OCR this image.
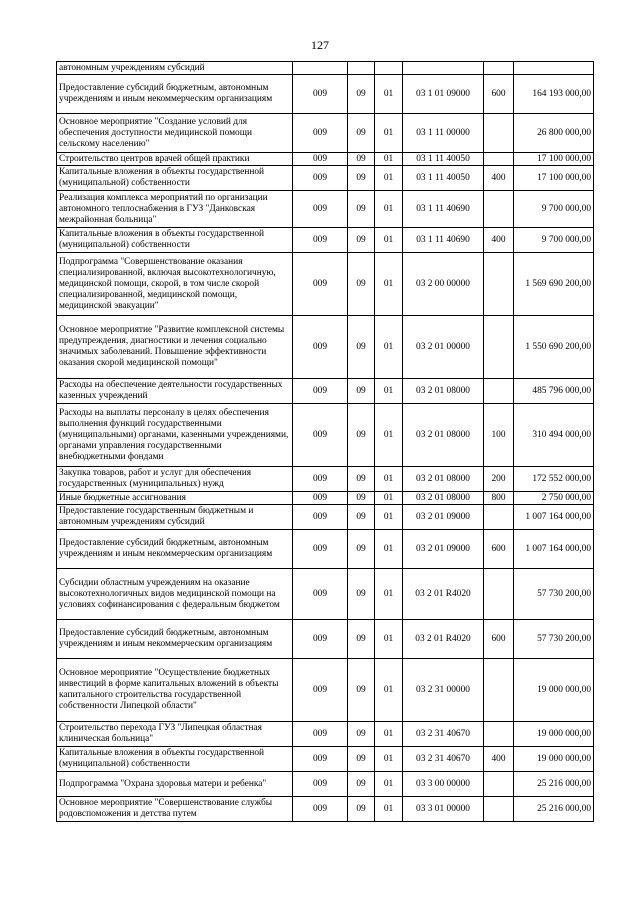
127
автономным учреждениям субсидий						
Предоставление субсидий бюджетным, автономным учреждениям и иным некоммерческим организациям	009	09	01	03 1 01 09000	600	164 193 000,00
Основное мероприятие "Создание условий для обеспечения доступности медицинской помощи сельскому населению"	009	09	01	03 1 11 00000		26 800 000,00
Строительство центров врачей общей практики	009	09	01	03 1 11 40050		17 100 000,00
Капитальные вложения в объекты государственной (муниципальной) собственности	009	09	01	03 1 11 40050	400	17 100 000,00
Реализация комплекса мероприятий по организации автономного теплоснабжения в ГУЗ "Данковская межрайонная больница"	009	09	01	03 1 11 40690		9 700 000,00
Капитальные вложения в объекты государственной (муниципальной) собственности	009	09	01	03 1 11 40690	400	9 700 000,00
Подпрограмма "Совершенствование оказания специализированной, включая высокотехнологичную, медицинской помощи, скорой, в том числе скорой специализированной, медицинской помощи, медицинской эвакуации"	009	09	01	03 2 00 00000		1 569 690 200,00
Основное мероприятие "Развитие комплексной системы предупреждения, диагностики и лечения социально значимых заболеваний. Повышение эффективности оказания скорой медицинской помощи"	009	09	01	03 2 01 00000		1 550 690 200,00
Расходы на обеспечение деятельности государственных казенных учреждений	009	09	01	03 2 01 08000		485 796 000,00
Расходы на выплаты персоналу в целях обеспечения выполнения функций государственными (муниципальными) органами, казенными учреждениями, органами управления государственными внебюджетными фондами	009	09	01	03 2 01 08000	100	310 494 000,00
Закупка товаров, работ и услуг для обеспечения государственных (муниципальных) нужд	009	09	01	03 2 01 08000	200	172 552 000,00
Иные бюджетные ассигнования	009	09	01	03 2 01 08000	800	2 750 000,00
Предоставление государственным бюджетным и автономным учреждениям субсидий	009	09	01	03 2 01 09000		1 007 164 000,00
Предоставление субсидий бюджетным, автономным учреждениям и иным некоммерческим организациям	009	09	01	03 2 01 09000	600	1 007 164 000,00
Субсидии областным учреждениям на оказание высокотехнологичных видов медицинской помощи на условиях софинансирования с федеральным бюджетом	009	09	01	03 2 01 R4020		57 730 200,00
Предоставление субсидий бюджетным, автономным учреждениям и иным некоммерческим организациям	009	09	01	03 2 01 R4020	600	57 730 200,00
Основное мероприятие "Осуществление бюджетных инвестиций в форме капитальных вложений в объекты капитального строительства государственной собственности Липецкой области"	009	09	01	03 2 31 00000		19 000 000,00
Строительство перехода ГУЗ "Липецкая областная клиническая больница"	009	09	01	03 2 31 40670		19 000 000,00
Капитальные вложения в объекты государственной (муниципальной) собственности	009	09	01	03 2 31 40670	400	19 000 000,00
Подпрограмма "Охрана здоровья матери и ребенка"	009	09	01	03 3 00 00000		25 216 000,00
Основное мероприятие "Совершенствование службы родовспоможения и детства путем	009	09	01	03 3 01 00000		25 216 000,00
